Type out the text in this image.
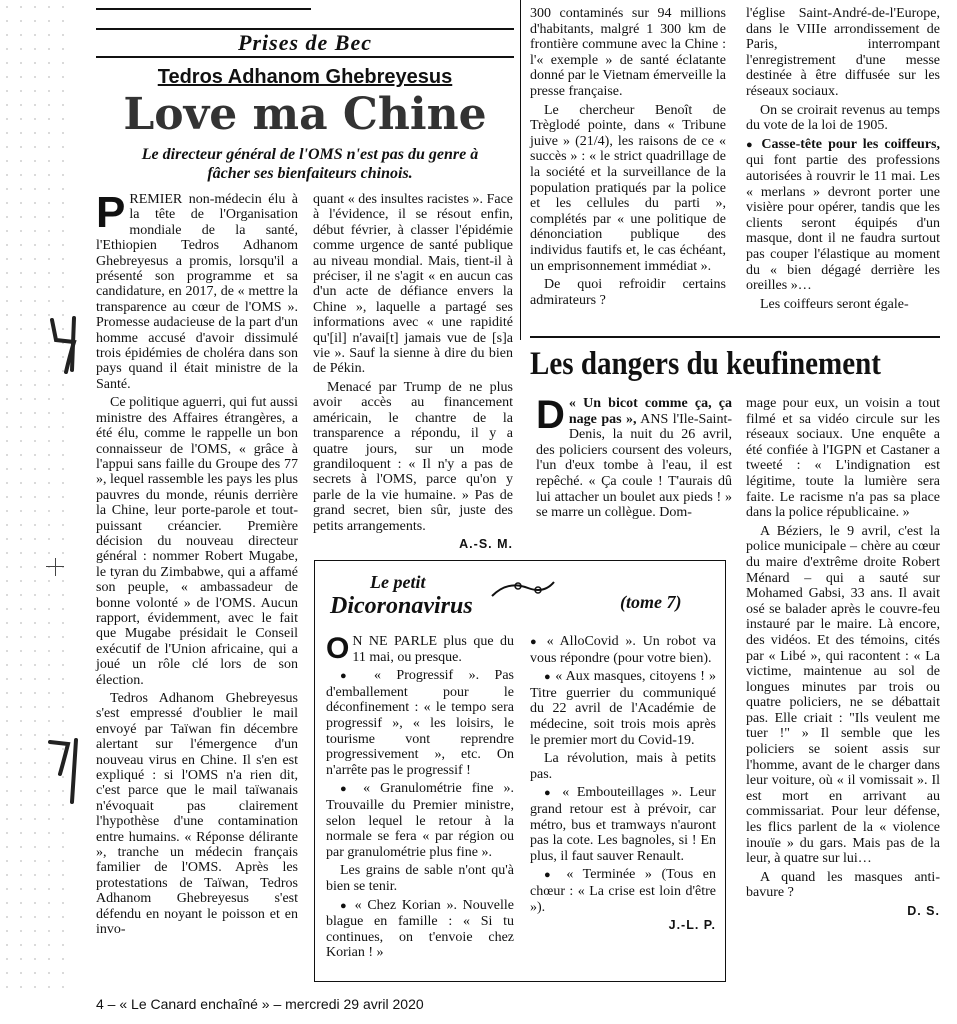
Prises de Bec
Tedros Adhanom Ghebreyesus
Love ma Chine
Le directeur général de l'OMS n'est pas du genre à fâcher ses bienfaiteurs chinois.

PREMIER non-médecin élu à la tête de l'Organisation mondiale de la santé, l'Ethiopien Tedros Adhanom Ghebreyesus a promis, lorsqu'il a présenté son programme et sa candidature, en 2017, de « mettre la transparence au cœur de l'OMS ». Promesse audacieuse de la part d'un homme accusé d'avoir dissimulé trois épidémies de choléra dans son pays quand il était ministre de la Santé.

Ce politique aguerri, qui fut aussi ministre des Affaires étrangères, a été élu, comme le rappelle un bon connaisseur de l'OMS, « grâce à l'appui sans faille du Groupe des 77 », lequel rassemble les pays les plus pauvres du monde, réunis derrière la Chine, leur porte-parole et tout-puissant créancier. Première décision du nouveau directeur général : nommer Robert Mugabe, le tyran du Zimbabwe, qui a affamé son peuple, « ambassadeur de bonne volonté » de l'OMS. Aucun rapport, évidemment, avec le fait que Mugabe présidait le Conseil exécutif de l'Union africaine, qui a joué un rôle clé lors de son élection.

Tedros Adhanom Ghebreyesus s'est empressé d'oublier le mail envoyé par Taïwan fin décembre alertant sur l'émergence d'un nouveau virus en Chine. Il s'en est expliqué : si l'OMS n'a rien dit, c'est parce que le mail taïwanais n'évoquait pas clairement l'hypothèse d'une contamination entre humains. « Réponse délirante », tranche un médecin français familier de l'OMS. Après les protestations de Taïwan, Tedros Adhanom Ghebreyesus s'est défendu en noyant le poisson et en invo-

quant « des insultes racistes ». Face à l'évidence, il se résout enfin, début février, à classer l'épidémie comme urgence de santé publique au niveau mondial. Mais, tient-il à préciser, il ne s'agit « en aucun cas d'un acte de défiance envers la Chine », laquelle a partagé ses informations avec « une rapidité qu'[il] n'avai[t] jamais vue de [s]a vie ». Sauf la sienne à dire du bien de Pékin.

Menacé par Trump de ne plus avoir accès au financement américain, le chantre de la transparence a répondu, il y a quatre jours, sur un mode grandiloquent : « Il n'y a pas de secrets à l'OMS, parce qu'on y parle de la vie humaine. » Pas de grand secret, bien sûr, juste des petits arrangements.

A.-S. M.

300 contaminés sur 94 millions d'habitants, malgré 1 300 km de frontière commune avec la Chine : l'« exemple » de santé éclatante donné par le Vietnam émerveille la presse française.

Le chercheur Benoît de Trèglodé pointe, dans « Tribune juive » (21/4), les raisons de ce « succès » : « le strict quadrillage de la société et la surveillance de la population pratiqués par la police et les cellules du parti », complétés par « une politique de dénonciation publique des individus fautifs et, le cas échéant, un emprisonnement immédiat ».

De quoi refroidir certains admirateurs ?

l'église Saint-André-de-l'Europe, dans le VIIIe arrondissement de Paris, interrompant l'enregistrement d'une messe destinée à être diffusée sur les réseaux sociaux.

On se croirait revenus au temps du vote de la loi de 1905.

● Casse-tête pour les coiffeurs, qui font partie des professions autorisées à rouvrir le 11 mai. Les « merlans » devront porter une visière pour opérer, tandis que les clients seront équipés d'un masque, dont il ne faudra surtout pas couper l'élastique au moment du « bien dégagé derrière les oreilles »…

Les coiffeurs seront égale-

Les dangers du keufinement

D « Un bicot comme ça, ça nage pas », ANS l'Ile-Saint-Denis, la nuit du 26 avril, des policiers coursent des voleurs, l'un d'eux tombe à l'eau, il est repêché. « Ça coule ! T'aurais dû lui attacher un boulet aux pieds ! » se marre un collègue. Dom-

mage pour eux, un voisin a tout filmé et sa vidéo circule sur les réseaux sociaux. Une enquête a été confiée à l'IGPN et Castaner a tweeté : « L'indignation est légitime, toute la lumière sera faite. Le racisme n'a pas sa place dans la police républicaine. »

A Béziers, le 9 avril, c'est la police municipale – chère au cœur du maire d'extrême droite Robert Ménard – qui a sauté sur Mohamed Gabsi, 33 ans. Il avait osé se balader après le couvre-feu instauré par le maire. Là encore, des vidéos. Et des témoins, cités par « Libé », qui racontent : « La victime, maintenue au sol de longues minutes par trois ou quatre policiers, ne se débattait pas. Elle criait : "Ils veulent me tuer !" » Il semble que les policiers se soient assis sur l'homme, avant de le charger dans leur voiture, où « il vomissait ». Il est mort en arrivant au commissariat. Pour leur défense, les flics parlent de la « violence inouïe » du gars. Mais pas de la leur, à quatre sur lui…

A quand les masques anti-bavure ?

D. S.
Le petit
Dicoronavirus	(tome 7)

O N NE PARLE plus que du 11 mai, ou presque.

● « Progressif ». Pas d'emballement pour le déconfinement : « le tempo sera progressif », « les loisirs, le tourisme vont reprendre progressivement », etc. On n'arrête pas le progressif !

● « Granulométrie fine ». Trouvaille du Premier ministre, selon lequel le retour à la normale se fera « par région ou par granulométrie plus fine ».

Les grains de sable n'ont qu'à bien se tenir.

● « Chez Korian ». Nouvelle blague en famille : « Si tu continues, on t'envoie chez Korian ! »

● « AlloCovid ». Un robot va vous répondre (pour votre bien).

● « Aux masques, citoyens ! » Titre guerrier du communiqué du 22 avril de l'Académie de médecine, soit trois mois après le premier mort du Covid-19.

La révolution, mais à petits pas.

● « Embouteillages ». Leur grand retour est à prévoir, car métro, bus et tramways n'auront pas la cote. Les bagnoles, si ! En plus, il faut sauver Renault.

● « Terminée » (Tous en chœur : « La crise est loin d'être »).

J.-L. P.
4 – « Le Canard enchaîné » – mercredi 29 avril 2020
